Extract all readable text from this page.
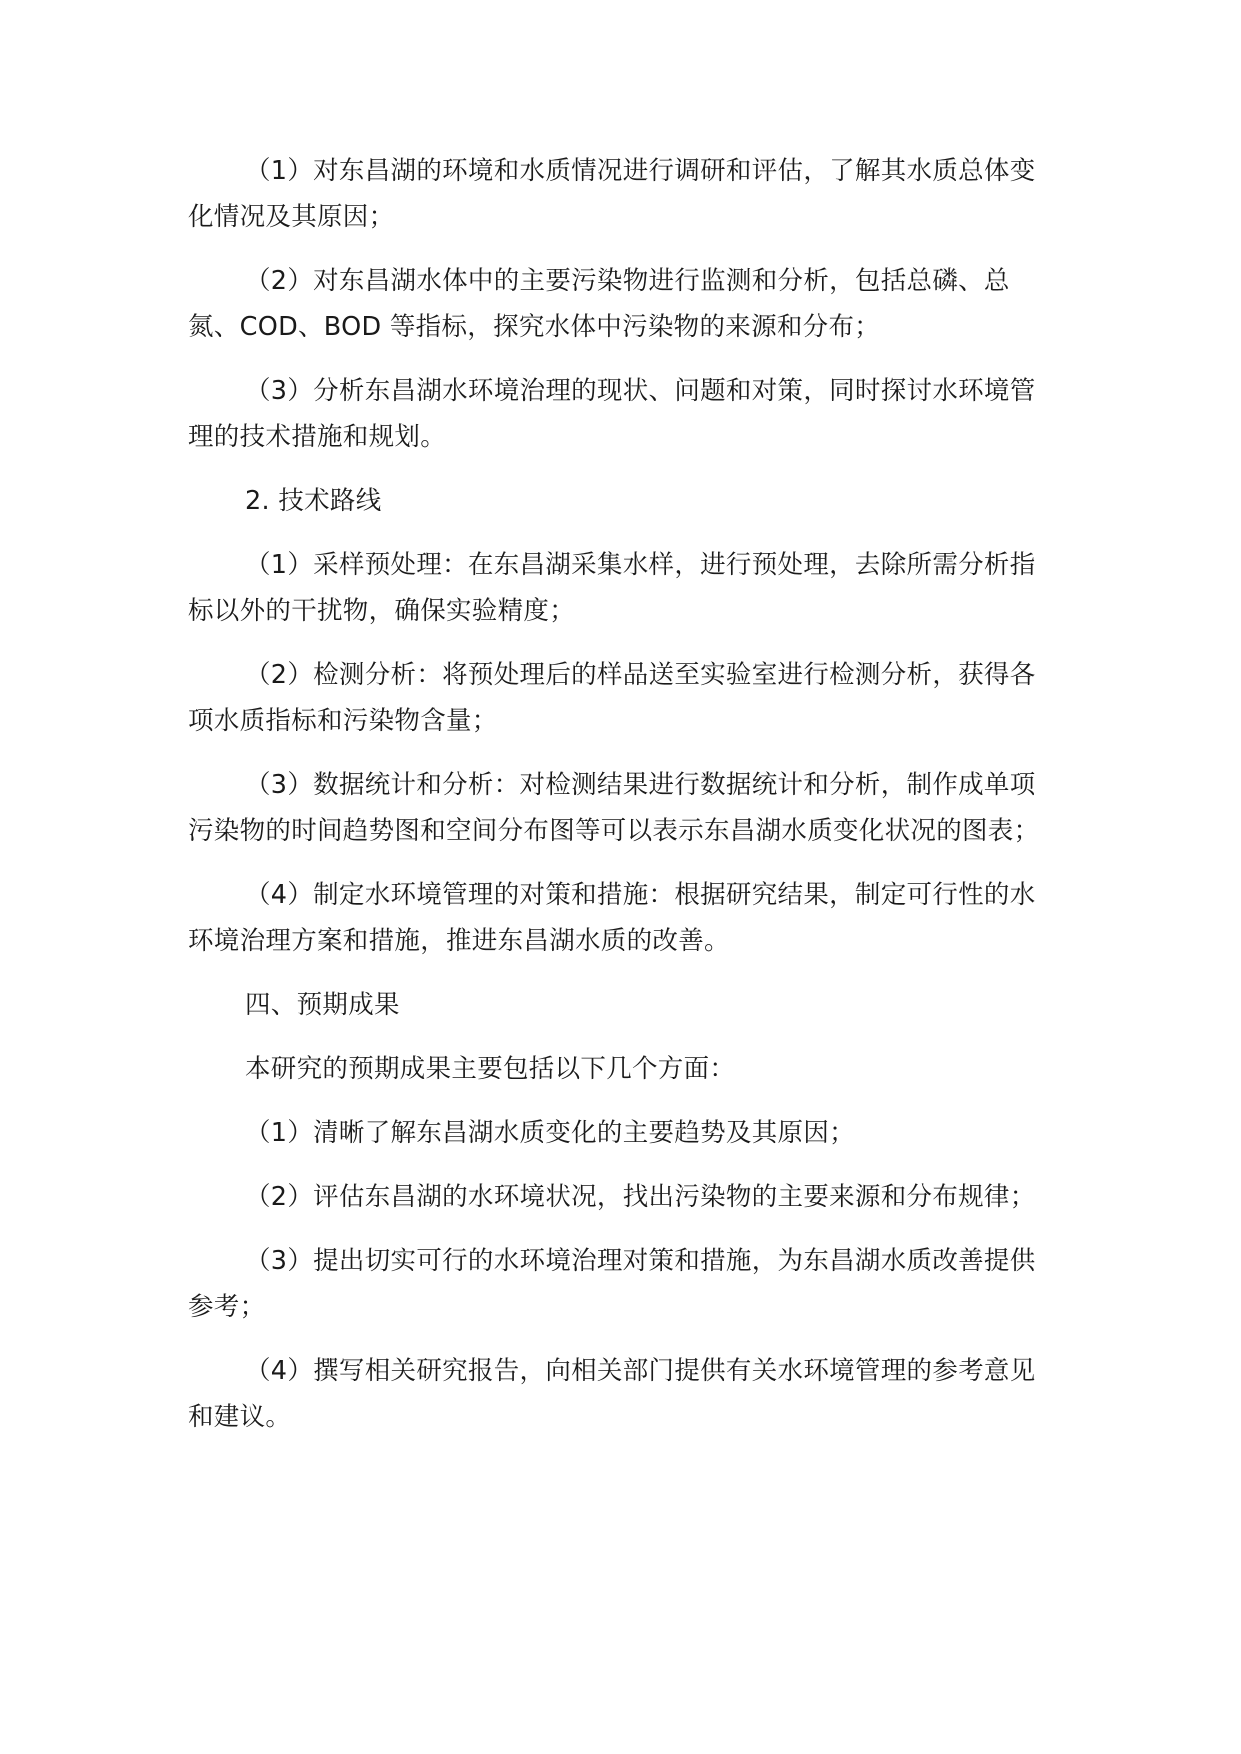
（1）对东昌湖的环境和水质情况进行调研和评估，了解其水质总体变化情况及其原因；

（2）对东昌湖水体中的主要污染物进行监测和分析，包括总磷、总氮、COD、BOD 等指标，探究水体中污染物的来源和分布；

（3）分析东昌湖水环境治理的现状、问题和对策，同时探讨水环境管理的技术措施和规划。

2. 技术路线

（1）采样预处理：在东昌湖采集水样，进行预处理，去除所需分析指标以外的干扰物，确保实验精度；

（2）检测分析：将预处理后的样品送至实验室进行检测分析，获得各项水质指标和污染物含量；

（3）数据统计和分析：对检测结果进行数据统计和分析，制作成单项污染物的时间趋势图和空间分布图等可以表示东昌湖水质变化状况的图表；

（4）制定水环境管理的对策和措施：根据研究结果，制定可行性的水环境治理方案和措施，推进东昌湖水质的改善。

四、预期成果

本研究的预期成果主要包括以下几个方面：

（1）清晰了解东昌湖水质变化的主要趋势及其原因；

（2）评估东昌湖的水环境状况，找出污染物的主要来源和分布规律；

（3）提出切实可行的水环境治理对策和措施，为东昌湖水质改善提供参考；

（4）撰写相关研究报告，向相关部门提供有关水环境管理的参考意见和建议。
